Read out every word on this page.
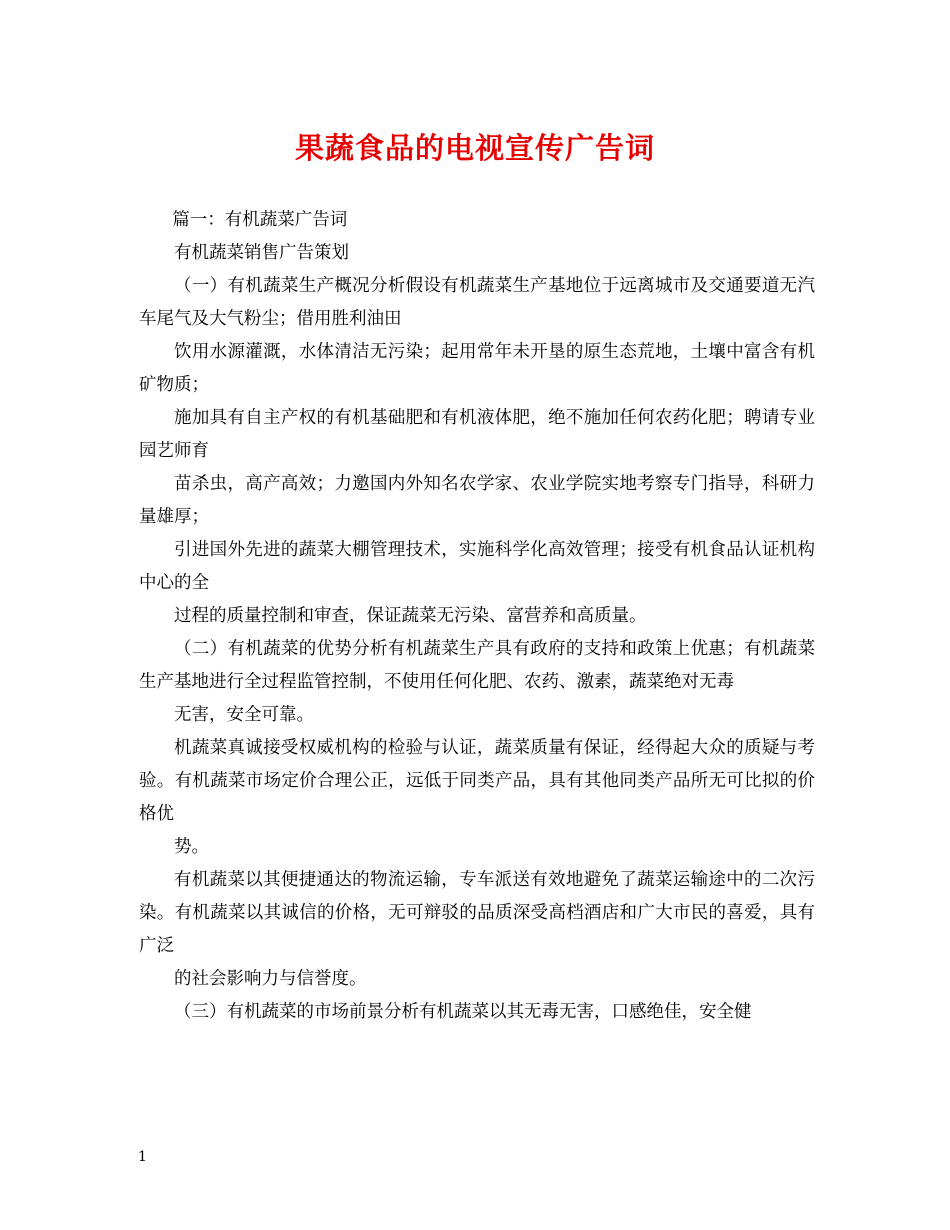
果蔬食品的电视宣传广告词

篇一：有机蔬菜广告词

有机蔬菜销售广告策划

（一）有机蔬菜生产概况分析假设有机蔬菜生产基地位于远离城市及交通要道无汽车尾气及大气粉尘；借用胜利油田

饮用水源灌溉，水体清洁无污染；起用常年未开垦的原生态荒地，土壤中富含有机矿物质；

施加具有自主产权的有机基础肥和有机液体肥，绝不施加任何农药化肥；聘请专业园艺师育

苗杀虫，高产高效；力邀国内外知名农学家、农业学院实地考察专门指导，科研力量雄厚；

引进国外先进的蔬菜大棚管理技术，实施科学化高效管理；接受有机食品认证机构中心的全

过程的质量控制和审查，保证蔬菜无污染、富营养和高质量。

（二）有机蔬菜的优势分析有机蔬菜生产具有政府的支持和政策上优惠；有机蔬菜生产基地进行全过程监管控制，不使用任何化肥、农药、激素，蔬菜绝对无毒

无害，安全可靠。

机蔬菜真诚接受权威机构的检验与认证，蔬菜质量有保证，经得起大众的质疑与考验。有机蔬菜市场定价合理公正，远低于同类产品，具有其他同类产品所无可比拟的价格优

势。

有机蔬菜以其便捷通达的物流运输，专车派送有效地避免了蔬菜运输途中的二次污染。有机蔬菜以其诚信的价格，无可辩驳的品质深受高档酒店和广大市民的喜爱，具有广泛

的社会影响力与信誉度。

（三）有机蔬菜的市场前景分析有机蔬菜以其无毒无害，口感绝佳，安全健

1
